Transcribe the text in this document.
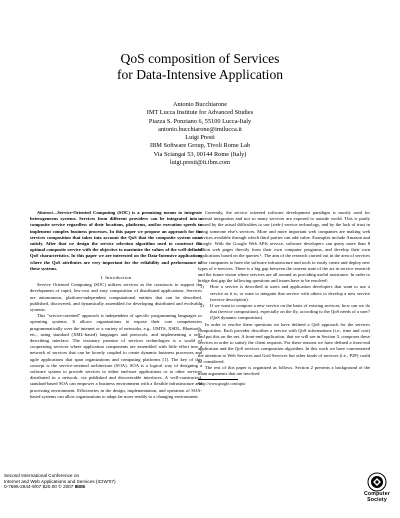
QoS composition of Services
for Data-Intensive Application
Antonio Bucchiarone
IMT Lucca Institute for Advanced Studies
Piazza S. Ponziano 6, 55100 Lucca-Italy
antonio.bucchiarone@imtlucca.it
Luigi Presti
IBM Software Group, Tivoli Rome Lab
Via Sciangai 53, 00144 Rome (Italy)
luigi.presti@it.ibm.com

Abstract—Service-Oriented Computing (SOC) is a promising means to integrate heterogeneous systems. Services from different providers can be integrated into a composite service regardless of their locations, platforms, and/or execution speeds to implement complex business processes. In this paper we propose an approach for the services composition that takes into account the QoS that the composite system must satisfy. After that we design the service selection algorithm used to construct the optimal composite service with the objective to maximize the values of the well-defined QoS characteristics. In this paper we are interested on the Data-Intensive applications where the QoS attributes are very important for the reliability and performance of these systems.

I. Introduction

Service Oriented Computing (SOC) utilizes services as the constructs to support the development of rapid, low-cost and easy composition of distributed applications. Services are autonomous, platform-independent computational entities that can be described, published, discovered, and dynamically assembled for developing distributed and evolvable systems.

This "service-oriented" approach is independent of specific programming languages or operating systems. It allows organizations to expose their core competencies programmatically over the internet or a variety of networks, e.g., UMTS, XSDL, Bluetooth, etc., using standard (XML-based) languages and protocols, and implementing a self-describing interface. The visionary promise of services technologies is a world of cooperating services where application components are assembled with little effort into a network of services that can be loosely coupled to create dynamic business processes and agile applications that span organizations and computing platforms [1]. The key of this concept is the service-oriented architecture (SOA). SOA is a logical way of designing a software system to provide services to either end-user applications or to other services distributed in a network, via published and discoverable interfaces. A well-constructed, standard-based SOA can empower a business environment with a flexible infrastructure and processing environment. Efficiencies in the design, implementation, and operation of SOA-based systems can allow organizations to adapt far more readily to a changing environment.

Currently, the service oriented software development paradigm is mostly used for internal integration and not so many services are exposed to outside world. This is partly caused by the actual difficulties to use (web-) service technology, and by the lack of trust in using someone else's services. More and more important web companies are making web services available through which third parties can add value. Examples include Amazon and Google. With the Google Web APIs service, software developers can query more than 8 billion web pages directly from their own computer programs, and develop their own applications based on the queries ¹. The aim of the research carried out in the area of services is for companies to have the software infrastructure and tools to easily create and deploy new types of e-services. There is a big gap between the current state of the art in service research and the future vision where services are all around us providing useful assistance. In order to bridge that gap the following questions and issues have to be resolved:

1) How a service is described to users and application developers that want to use a service as it is, or want to integrate that service with others to develop a new service (service description).
2) If we want to compose a new service on the basis of existing services, how can we do that (service composition), especially on the fly, according to the QoS needs of a user? (QoS dynamic composition).

In order to resolve these questions we have defined a QoS approach for the services composition. Each provider describes a service with QoS informations (i.e., time and cost) and put this on the net. A front-end application, that we will see in Section 3, composes these services in order to satisfy the client requests. For these reasons we have defined a front-end application and the QoS services composition algorithm. In this work we have concentrated the attention to Web Services and Grid Services but other kinds of services (i.e., P2P) could be considered.

The rest of this paper is organized as follows. Section 2 presents a background of the main arguments that are involved

¹http://www.google.com/apis/
Second International Conference on
Internet and Web Applications and Services (ICIW'07)
0-7695-2844-9/07 $20.00 © 2007 IEEE
Computer
Society
